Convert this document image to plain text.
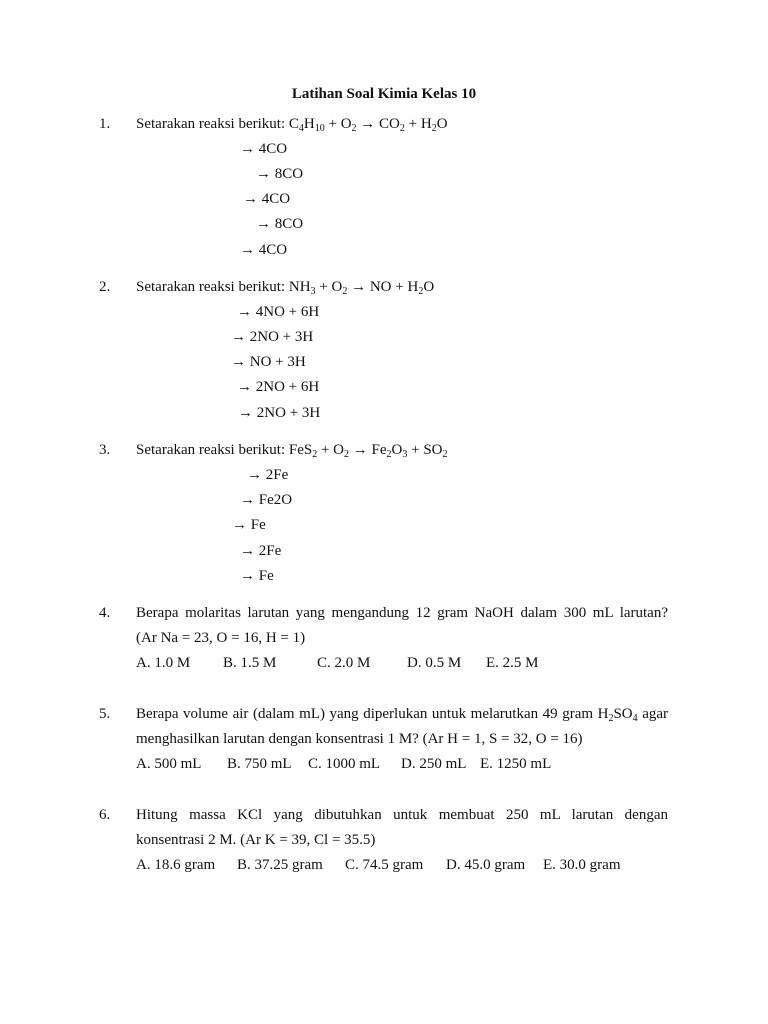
Latihan Soal Kimia Kelas 10
1. Setarakan reaksi berikut: $C_4H_{10} + O_2 \to CO_2 + H_2O$
→ 4CO
→ 8CO
→ 4CO
→ 8CO
→ 4CO
2. Setarakan reaksi berikut: $NH_3 + O_2$ → NO + $H_2O$
→ 4NO + 6H
→ 2NO + 3H
→ NO + 3H
→ 2NO + 6H
→ 2NO + 3H
3. Setarakan reaksi berikut: $FeS_2 + O_2 \to Fe_2O_3 + SO_2$
→ 2Fe
→ Fe2O
→ Fe
→ 2Fe
→ Fe
4. Berapa molaritas larutan yang mengandung 12 gram NaOH dalam 300 mL larutan?
(Ar Na = 23, O = 16, H = 1)
A. 1.0 M B. 1.5 M	C. 2.0 M D. 0.5 M E. 2.5 M
5. Berapa volume air (dalam mL) yang diperlukan untuk melarutkan 49 gram $H_2SO_4$ agar
menghasilkan larutan dengan konsentrasi 1 M? (Ar H = 1, S = 32, O = 16)
A. 500 mL B. 750 mL C. 1000 mL D. 250 mL E. 1250 mL
6. Hitung massa KCl yang dibutuhkan untuk membuat 250 mL larutan dengan
konsentrasi 2 M. (Ar K = 39, Cl = 35.5)
A. 18.6 gram B. 37.25 gram C. 74.5 gram D. 45.0 gram E. 30.0 gram
